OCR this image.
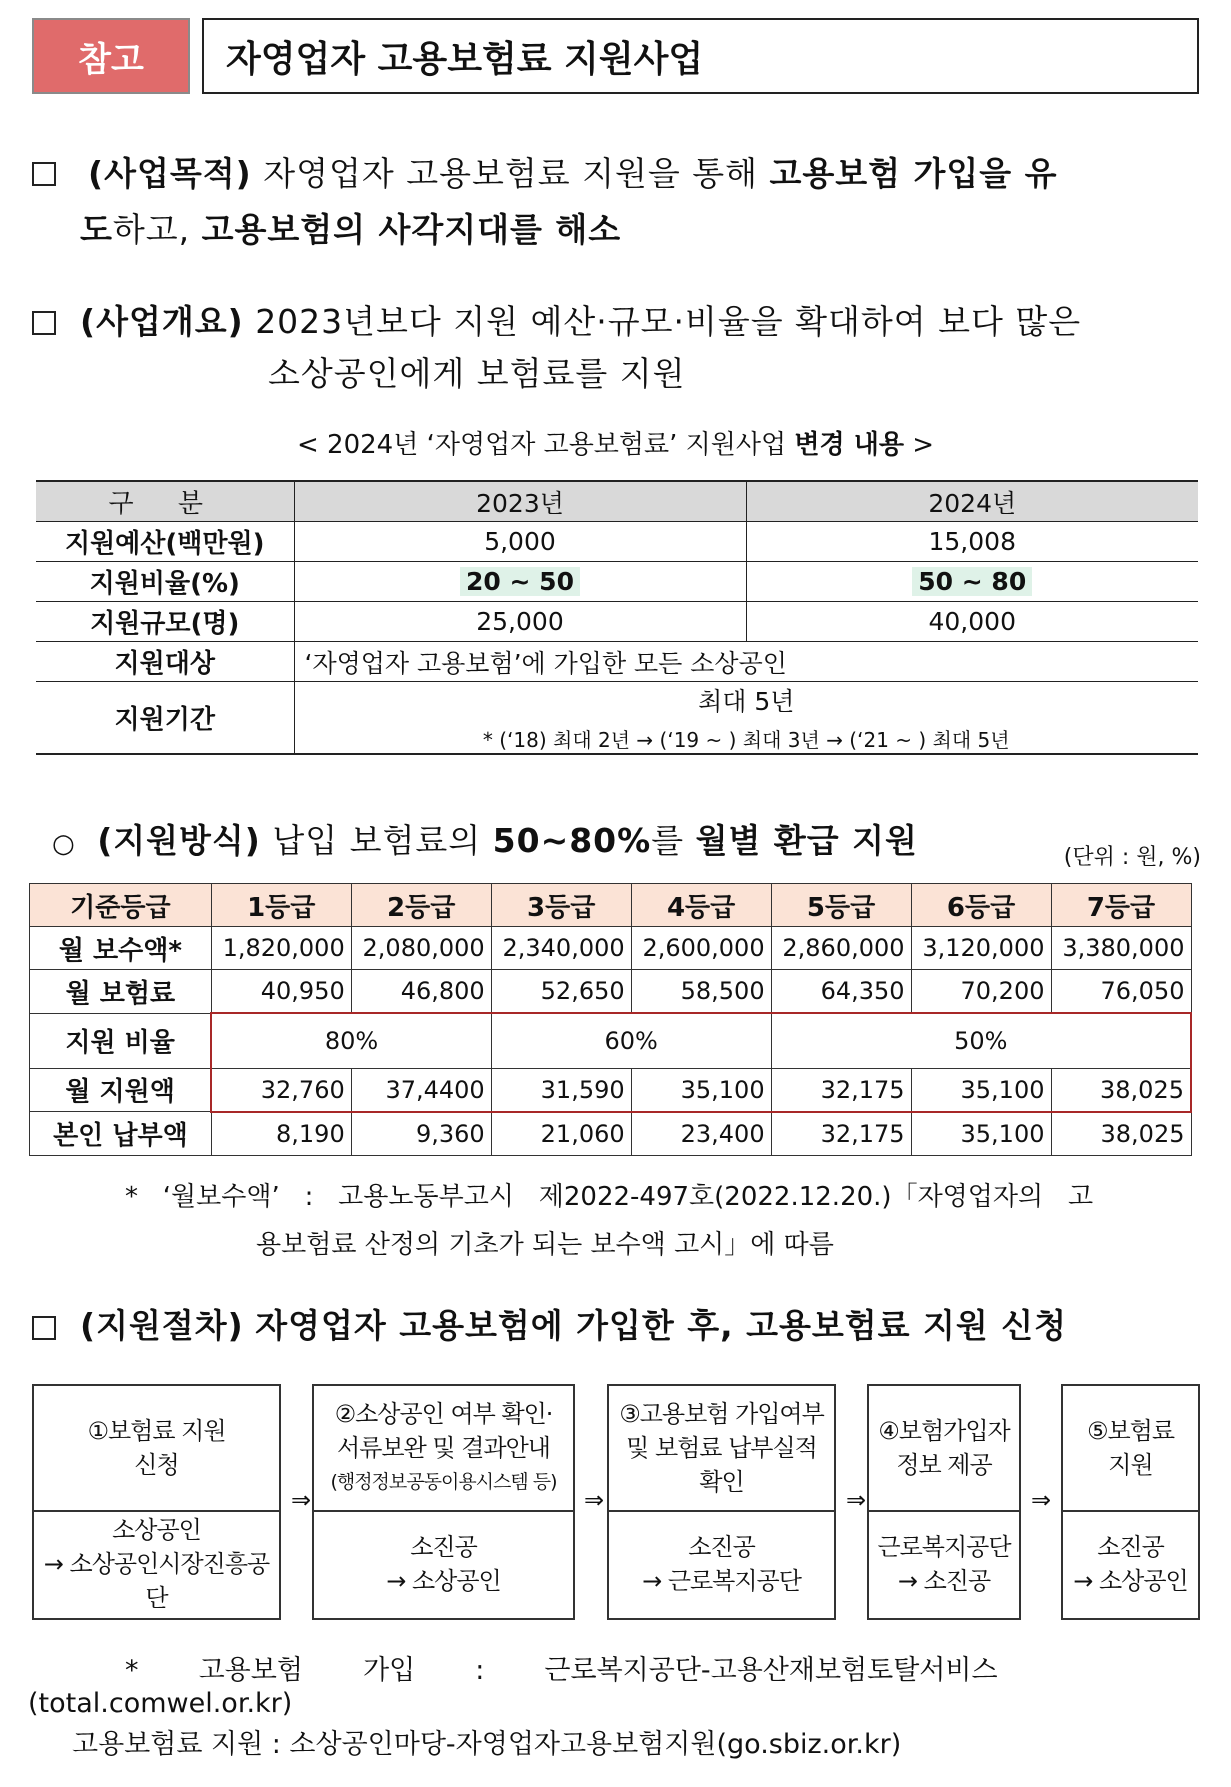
참고	자영업자 고용보험료 지원사업
(사업목적) 자영업자 고용보험료 지원을 통해 고용보험 가입을 유
도하고, 고용보험의 사각지대를 해소
(사업개요) 2023년보다 지원 예산·규모·비율을 확대하여 보다 많은
소상공인에게 보험료를 지원
< 2024년 ‘자영업자 고용보험료’ 지원사업 변경 내용 >
구 분	2023년	2024년
지원예산(백만원)	5,000	15,008
지원비율(%)	20 ~ 50	50 ~ 80
지원규모(명)	25,000	40,000
지원대상	‘자영업자 고용보험’에 가입한 모든 소상공인	
지원기간	최대 5년
* (‘18) 최대 2년 → (‘19 ~ ) 최대 3년 → (‘21 ~ ) 최대 5년	
○ (지원방식) 납입 보험료의 50~80%를 월별 환급 지원	(단위 : 원, %)
기준등급	1등급	2등급	3등급	4등급	5등급	6등급	7등급
월 보수액*	1,820,000	2,080,000	2,340,000	2,600,000	2,860,000	3,120,000	3,380,000
월 보험료	40,950	46,800	52,650	58,500	64,350	70,200	76,050
지원 비율	80%		60%		50%		
월 지원액	32,760	37,4400	31,590	35,100	32,175	35,100	38,025
본인 납부액	8,190	9,360	21,060	23,400	32,175	35,100	38,025
*   ‘월보수액’   :   고용노동부고시   제2022-497호(2022.12.20.)「자영업자의   고
용보험료 산정의 기초가 되는 보수액 고시」에 따름
(지원절차) 자영업자 고용보험에 가입한 후, 고용보험료 지원 신청
①보험료 지원
신청
소상공인
→ 소상공인시장진흥공단
⇒
②소상공인 여부 확인·
서류보완 및 결과안내
(행정정보공동이용시스템 등)
소진공
→ 소상공인
⇒
③고용보험 가입여부
및 보험료 납부실적
확인
소진공
→ 근로복지공단
⇒
④보험가입자
정보 제공
근로복지공단
→ 소진공
⇒
⑤보험료
지원
소진공
→ 소상공인
*       고용보험       가입       :       근로복지공단-고용산재보험토탈서비스
(total.comwel.or.kr)
고용보험료 지원 : 소상공인마당-자영업자고용보험지원(go.sbiz.or.kr)
